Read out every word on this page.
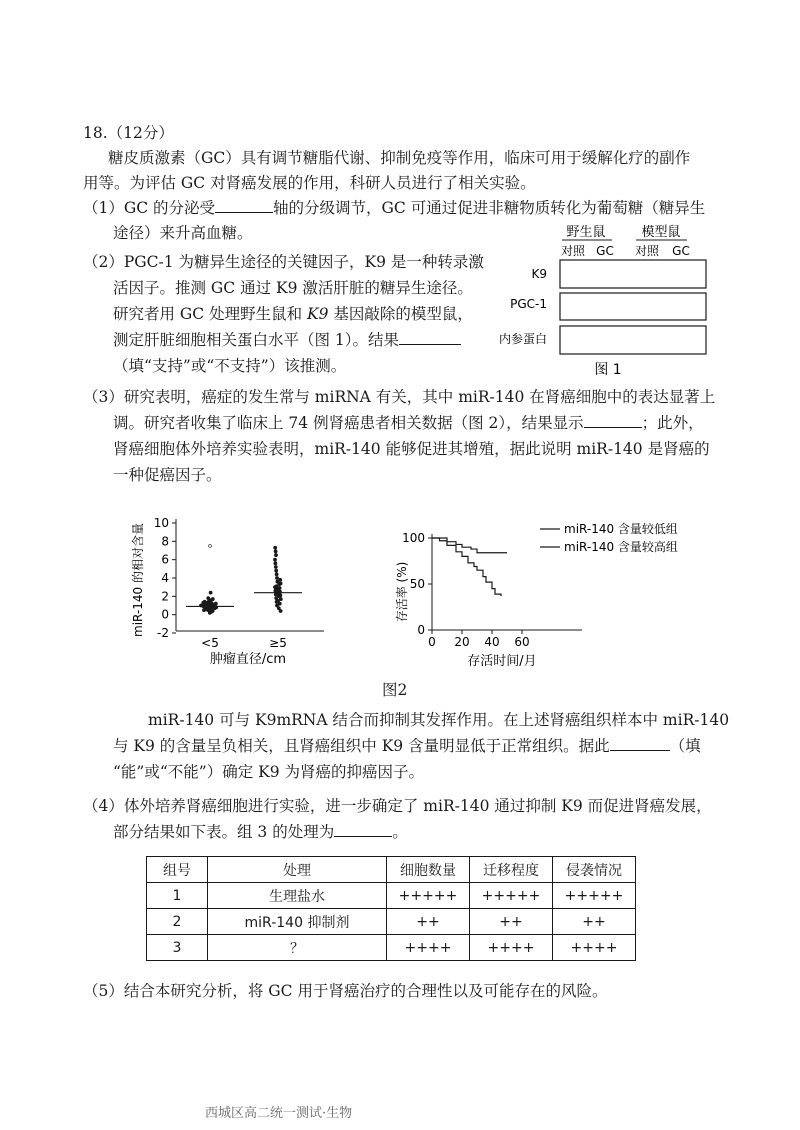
18.（12分）
糖皮质激素（GC）具有调节糖脂代谢、抑制免疫等作用，临床可用于缓解化疗的副作
用等。为评估 GC 对肾癌发展的作用，科研人员进行了相关实验。
（1）GC 的分泌受	轴的分级调节，GC 可通过促进非糖物质转化为葡萄糖（糖异生
途径）来升高血糖。
（2）PGC-1 为糖异生途径的关键因子，K9 是一种转录激
活因子。推测 GC 通过 K9 激活肝脏的糖异生途径。
研究者用 GC 处理野生鼠和 K9 基因敲除的模型鼠，
测定肝脏细胞相关蛋白水平（图 1）。结果
（填“支持”或“不支持”）该推测。
野生鼠	模型鼠
对照 GC 对照 GC
K9
PGC-1
内参蛋白
图 1
（3）研究表明，癌症的发生常与 miRNA 有关，其中 miR-140 在肾癌细胞中的表达显著上
调。研究者收集了临床上 74 例肾癌患者相关数据（图 2），结果显示	；此外，
肾癌细胞体外培养实验表明，miR-140 能够促进其增殖，据此说明 miR-140 是肾癌的
一种促癌因子。
miR-140 的相对含量
10
8
6
4
2
0
-2
<5	≥5
肿瘤直径/cm
存活率 (%)
100
50
0
0 20 40 60
miR-140 含量较低组
miR-140 含量较高组
存活时间/月
图2
miR-140 可与 K9mRNA 结合而抑制其发挥作用。在上述肾癌组织样本中 miR-140
与 K9 的含量呈负相关，且肾癌组织中 K9 含量明显低于正常组织。据此	（填
“能”或“不能”）确定 K9 为肾癌的抑癌因子。
（4）体外培养肾癌细胞进行实验，进一步确定了 miR-140 通过抑制 K9 而促进肾癌发展，
部分结果如下表。组 3 的处理为	。
组号	处理	细胞数量	迁移程度	侵袭情况
1	生理盐水	+++++	+++++	+++++
2	miR-140 抑制剂	++	++	++
3	？	++++	++++	++++
（5）结合本研究分析，将 GC 用于肾癌治疗的合理性以及可能存在的风险。
西城区高二统一测试·生物
